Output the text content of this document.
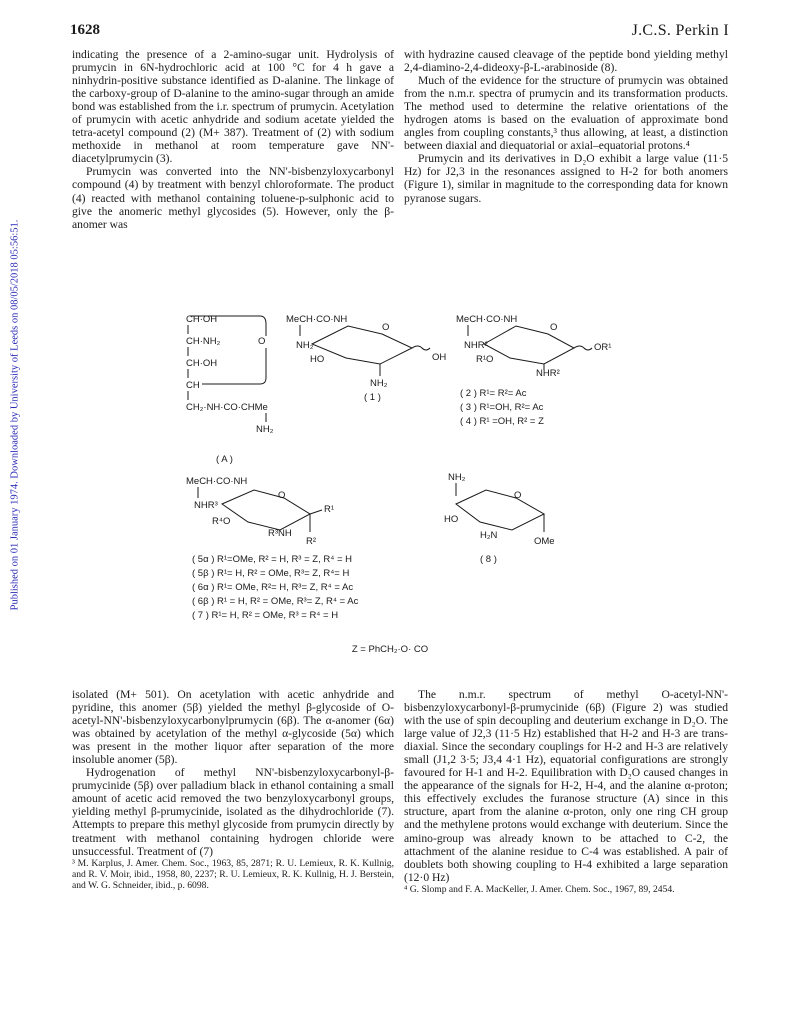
1628	J.C.S. Perkin I
Published on 01 January 1974. Downloaded by University of Leeds on 08/05/2018 05:56:51.

indicating the presence of a 2-amino-sugar unit. Hydrolysis of prumycin in 6N-hydrochloric acid at 100 °C for 4 h gave a ninhydrin-positive substance identified as D-alanine. The linkage of the carboxy-group of D-alanine to the amino-sugar through an amide bond was established from the i.r. spectrum of prumycin. Acetylation of prumycin with acetic anhydride and sodium acetate yielded the tetra-acetyl compound (2) (M+ 387). Treatment of (2) with sodium methoxide in methanol at room temperature gave NN'-diacetylprumycin (3).

Prumycin was converted into the NN'-bisbenzyloxycarbonyl compound (4) by treatment with benzyl chloroformate. The product (4) reacted with methanol containing toluene-p-sulphonic acid to give the anomeric methyl glycosides (5). However, only the β-anomer was

with hydrazine caused cleavage of the peptide bond yielding methyl 2,4-diamino-2,4-dideoxy-β-L-arabinoside (8).

Much of the evidence for the structure of prumycin was obtained from the n.m.r. spectra of prumycin and its transformation products. The method used to determine the relative orientations of the hydrogen atoms is based on the evaluation of approximate bond angles from coupling constants,³ thus allowing, at least, a distinction between diaxial and diequatorial or axial–equatorial protons.⁴

Prumycin and its derivatives in D₂O exhibit a large value (11·5 Hz) for J2,3 in the resonances assigned to H-2 for both anomers (Figure 1), similar in magnitude to the corresponding data for known pyranose sugars.

CH·OH
CH·NH₂	O
CH·OH
CH
CH₂·NH·CO·CHMe
NH₂
( A )
MeCH·CO·NH
NH₂
O
HO	OH
NH₂
( 1 )
MeCH·CO·NH
NHR²
O
R¹O
OR¹
NHR²
( 2 ) R¹= R²= Ac
( 3 ) R¹=OH, R²= Ac
( 4 ) R¹ =OH, R² = Z
MeCH·CO·NH
NHR³
O
R⁴O
R¹
R³NH
R²
( 5α ) R¹=OMe, R² = H, R³ = Z, R⁴ = H
( 5β ) R¹= H, R² = OMe, R³= Z, R⁴= H
( 6α ) R¹= OMe, R²= H, R³= Z, R⁴ = Ac
( 6β ) R¹ = H, R² = OMe, R³= Z, R⁴ = Ac
( 7 ) R¹= H, R² = OMe, R³ = R⁴ = H
NH₂
O
HO
H₂N
OMe
( 8 )
Z = PhCH₂·O· CO

isolated (M+ 501). On acetylation with acetic anhydride and pyridine, this anomer (5β) yielded the methyl β-glycoside of O-acetyl-NN'-bisbenzyloxycarbonylprumycin (6β). The α-anomer (6α) was obtained by acetylation of the methyl α-glycoside (5α) which was present in the mother liquor after separation of the more insoluble anomer (5β).

Hydrogenation of methyl NN'-bisbenzyloxycarbonyl-β-prumycinide (5β) over palladium black in ethanol containing a small amount of acetic acid removed the two benzyloxycarbonyl groups, yielding methyl β-prumycinide, isolated as the dihydrochloride (7). Attempts to prepare this methyl glycoside from prumycin directly by treatment with methanol containing hydrogen chloride were unsuccessful. Treatment of (7)

³ M. Karplus, J. Amer. Chem. Soc., 1963, 85, 2871; R. U. Lemieux, R. K. Kullnig, and R. V. Moir, ibid., 1958, 80, 2237; R. U. Lemieux, R. K. Kullnig, H. J. Berstein, and W. G. Schneider, ibid., p. 6098.

The n.m.r. spectrum of methyl O-acetyl-NN'-bisbenzyloxycarbonyl-β-prumycinide (6β) (Figure 2) was studied with the use of spin decoupling and deuterium exchange in D₂O. The large value of J2,3 (11·5 Hz) established that H-2 and H-3 are trans-diaxial. Since the secondary couplings for H-2 and H-3 are relatively small (J1,2 3·5; J3,4 4·1 Hz), equatorial configurations are strongly favoured for H-1 and H-2. Equilibration with D₂O caused changes in the appearance of the signals for H-2, H-4, and the alanine α-proton; this effectively excludes the furanose structure (A) since in this structure, apart from the alanine α-proton, only one ring CH group and the methylene protons would exchange with deuterium. Since the amino-group was already known to be attached to C-2, the attachment of the alanine residue to C-4 was established. A pair of doublets both showing coupling to H-4 exhibited a large separation (12·0 Hz)

⁴ G. Slomp and F. A. MacKeller, J. Amer. Chem. Soc., 1967, 89, 2454.
